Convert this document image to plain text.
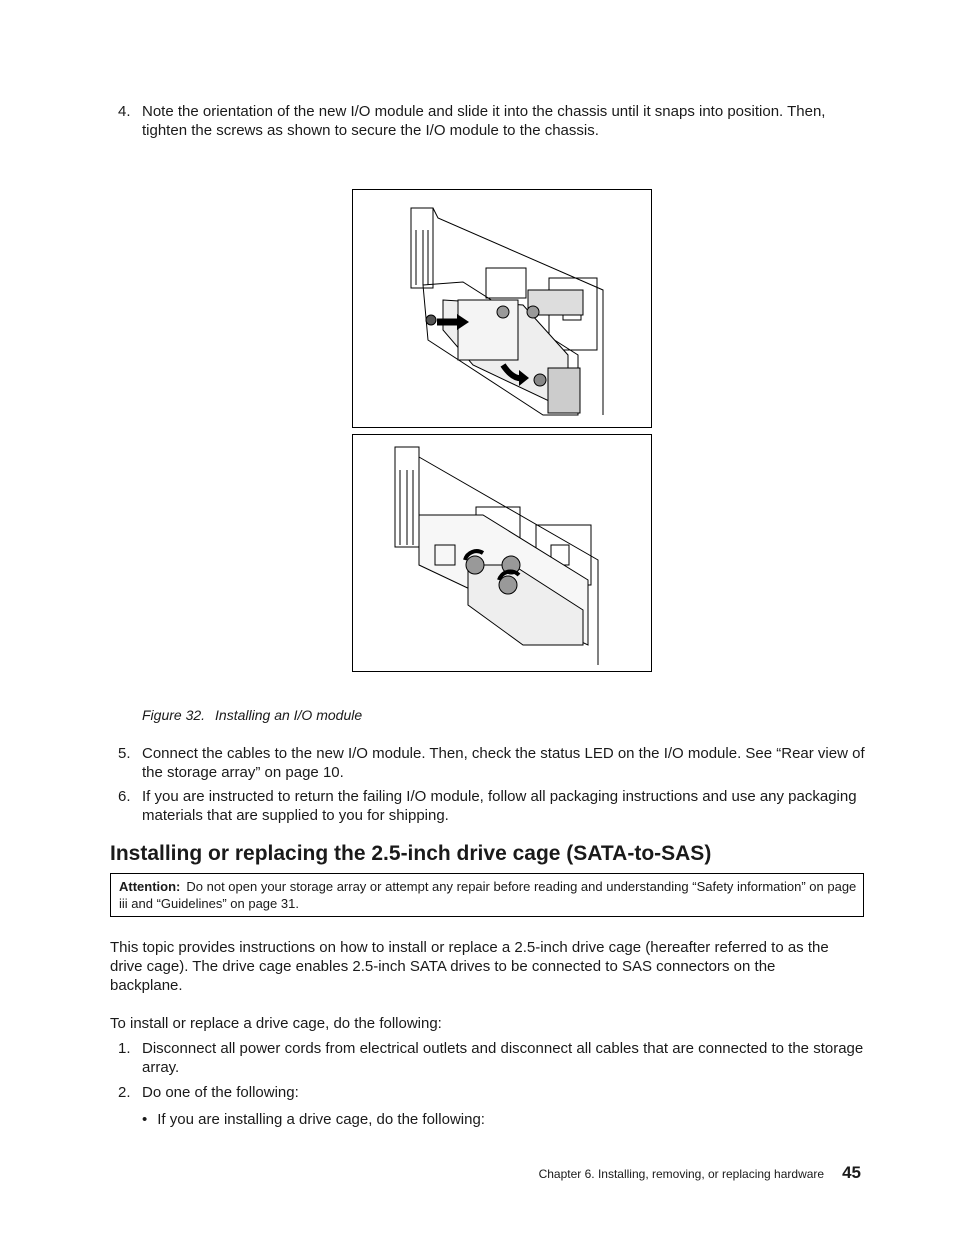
4. Note the orientation of the new I/O module and slide it into the chassis until it snaps into position. Then, tighten the screws as shown to secure the I/O module to the chassis.
Figure 32. Installing an I/O module
5. Connect the cables to the new I/O module. Then, check the status LED on the I/O module. See “Rear view of the storage array” on page 10.
6. If you are instructed to return the failing I/O module, follow all packaging instructions and use any packaging materials that are supplied to you for shipping.
Installing or replacing the 2.5-inch drive cage (SATA-to-SAS)
Attention: Do not open your storage array or attempt any repair before reading and understanding “Safety information” on page iii and “Guidelines” on page 31.
This topic provides instructions on how to install or replace a 2.5-inch drive cage (hereafter referred to as the drive cage). The drive cage enables 2.5-inch SATA drives to be connected to SAS connectors on the backplane.
To install or replace a drive cage, do the following:
1. Disconnect all power cords from electrical outlets and disconnect all cables that are connected to the storage array.
2. Do one of the following:
• If you are installing a drive cage, do the following:
Chapter 6. Installing, removing, or replacing hardware 45
